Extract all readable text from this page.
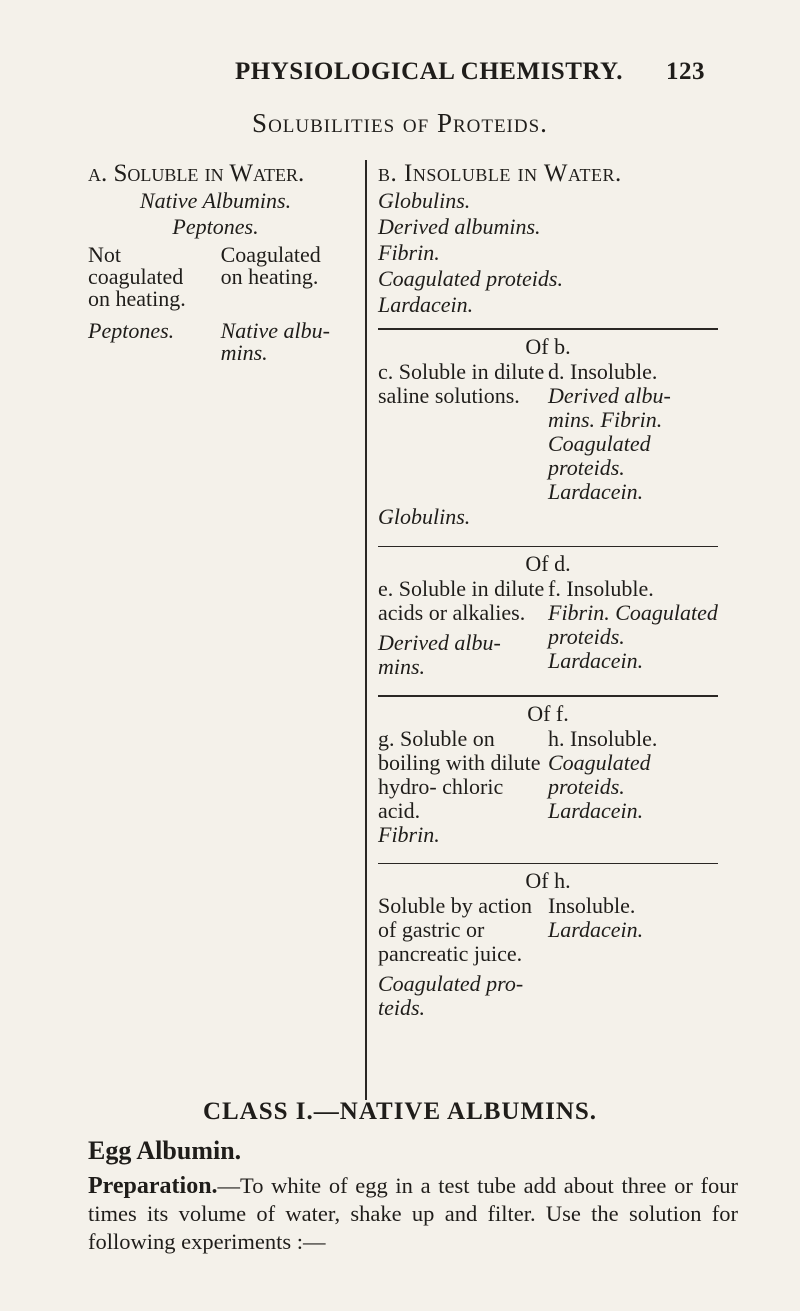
PHYSIOLOGICAL CHEMISTRY. 123
Solubilities of Proteids.
a. Soluble in Water.
Native Albumins.
Peptones.
Not coagulated on heating.
Coagulated on heating.
Peptones.	Native albu- mins.
b. Insoluble in Water.
Globulins.
Derived albumins.
Fibrin.
Coagulated proteids.
Lardacein.
Of b.
c. Soluble in dilute saline solutions.
d. Insoluble.
Derived albu- mins. Fibrin. Coagulated proteids. Lardacein.
Globulins.
Of d.
e. Soluble in dilute acids or alkalies.
Derived albu- mins.
f. Insoluble.
Fibrin. Coagulated proteids. Lardacein.
Of f.
g. Soluble on boiling with dilute hydro- chloric acid.
Fibrin.
h. Insoluble.
Coagulated proteids. Lardacein.
Of h.
Soluble by action of gastric or pancreatic juice.
Coagulated pro- teids.
Insoluble.
Lardacein.
CLASS I.—NATIVE ALBUMINS.
Egg Albumin.
Preparation.—To white of egg in a test tube add about three or four times its volume of water, shake up and filter. Use the solution for following experiments :—
